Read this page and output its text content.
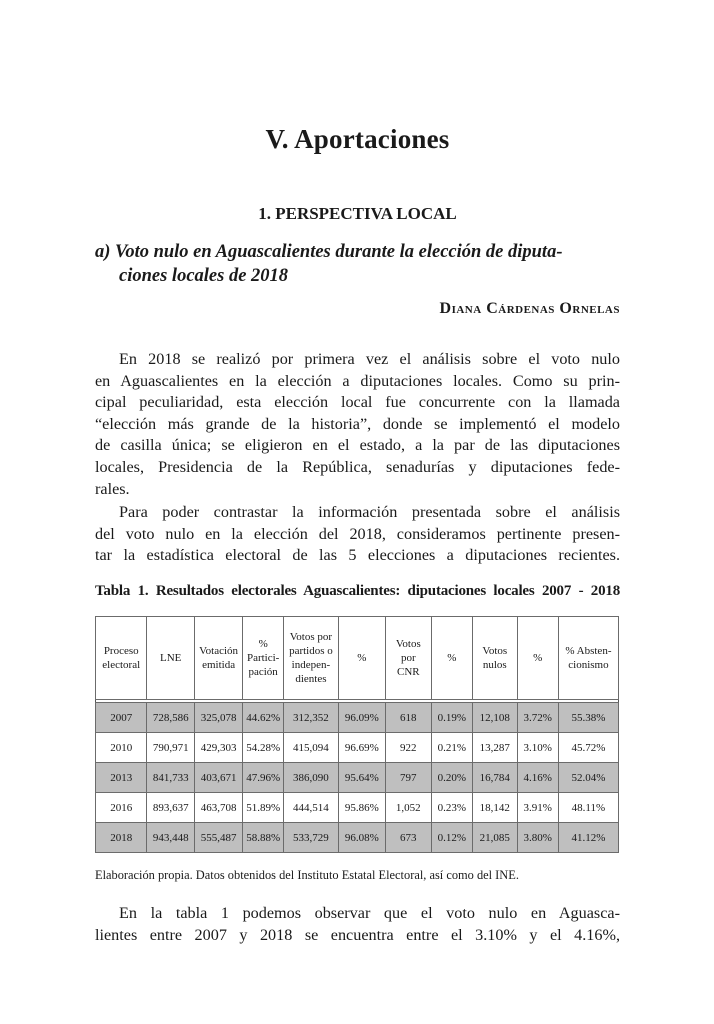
V. Aportaciones
1. PERSPECTIVA LOCAL
a) Voto nulo en Aguascalientes durante la elección de diputa-
ciones locales de 2018
Diana Cárdenas Ornelas
En 2018 se realizó por primera vez el análisis sobre el voto nulo
en Aguascalientes en la elección a diputaciones locales. Como su prin-
cipal peculiaridad, esta elección local fue concurrente con la llamada
“elección más grande de la historia”, donde se implementó el modelo
de casilla única; se eligieron en el estado, a la par de las diputaciones
locales, Presidencia de la República, senadurías y diputaciones fede-
rales.
Para poder contrastar la información presentada sobre el análisis
del voto nulo en la elección del 2018, consideramos pertinente presen-
tar la estadística electoral de las 5 elecciones a diputaciones recientes.
Tabla 1. Resultados electorales Aguascalientes: diputaciones locales 2007 - 2018
Proceso electoral	LNE	Votación emitida	% Partici- pación	Votos por partidos o indepen- dientes	%	Votos por CNR	%	Votos nulos	%	% Absten- cionismo

2007	728,586	325,078	44.62%	312,352	96.09%	618	0.19%	12,108	3.72%	55.38%
2010	790,971	429,303	54.28%	415,094	96.69%	922	0.21%	13,287	3.10%	45.72%
2013	841,733	403,671	47.96%	386,090	95.64%	797	0.20%	16,784	4.16%	52.04%
2016	893,637	463,708	51.89%	444,514	95.86%	1,052	0.23%	18,142	3.91%	48.11%
2018	943,448	555,487	58.88%	533,729	96.08%	673	0.12%	21,085	3.80%	41.12%
Elaboración propia. Datos obtenidos del Instituto Estatal Electoral, así como del INE.
En la tabla 1 podemos observar que el voto nulo en Aguasca-
lientes entre 2007 y 2018 se encuentra entre el 3.10% y el 4.16%,
